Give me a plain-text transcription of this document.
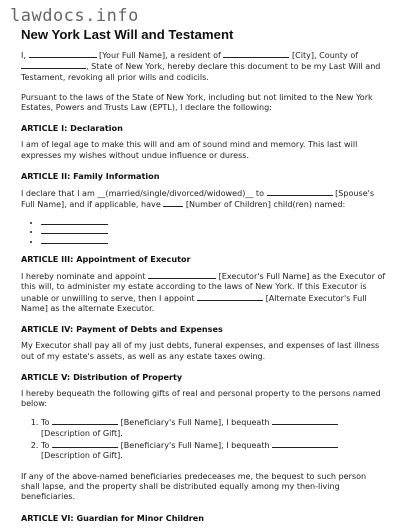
lawdocs.info
New York Last Will and Testament

I,	[Your Full Name], a resident of	[City], County of

, State of New York, hereby declare this document to be my Last Will and

Testament, revoking all prior wills and codicils.

Pursuant to the laws of the State of New York, including but not limited to the New York

Estates, Powers and Trusts Law (EPTL), I declare the following:

ARTICLE I: Declaration

I am of legal age to make this will and am of sound mind and memory. This last will

expresses my wishes without undue influence or duress.

ARTICLE II: Family Information

I declare that I am __(married/single/divorced/widowed)__ to	[Spouse's

Full Name], and if applicable, have  [Number of Children] child(ren) named:

•
•
•
ARTICLE III: Appointment of Executor

I hereby nominate and appoint	[Executor's Full Name] as the Executor of

this will, to administer my estate according to the laws of New York. If this Executor is

unable or unwilling to serve, then I appoint	[Alternate Executor's Full

Name] as the alternate Executor.

ARTICLE IV: Payment of Debts and Expenses

My Executor shall pay all of my just debts, funeral expenses, and expenses of last illness

out of my estate's assets, as well as any estate taxes owing.

ARTICLE V: Distribution of Property

I hereby bequeath the following gifts of real and personal property to the persons named

below:

1. To	[Beneficiary's Full Name], I bequeath
[Description of Gift].
2. To	[Beneficiary's Full Name], I bequeath
[Description of Gift].

If any of the above-named beneficiaries predeceases me, the bequest to such person

shall lapse, and the property shall be distributed equally among my then-living

beneficiaries.

ARTICLE VI: Guardian for Minor Children
